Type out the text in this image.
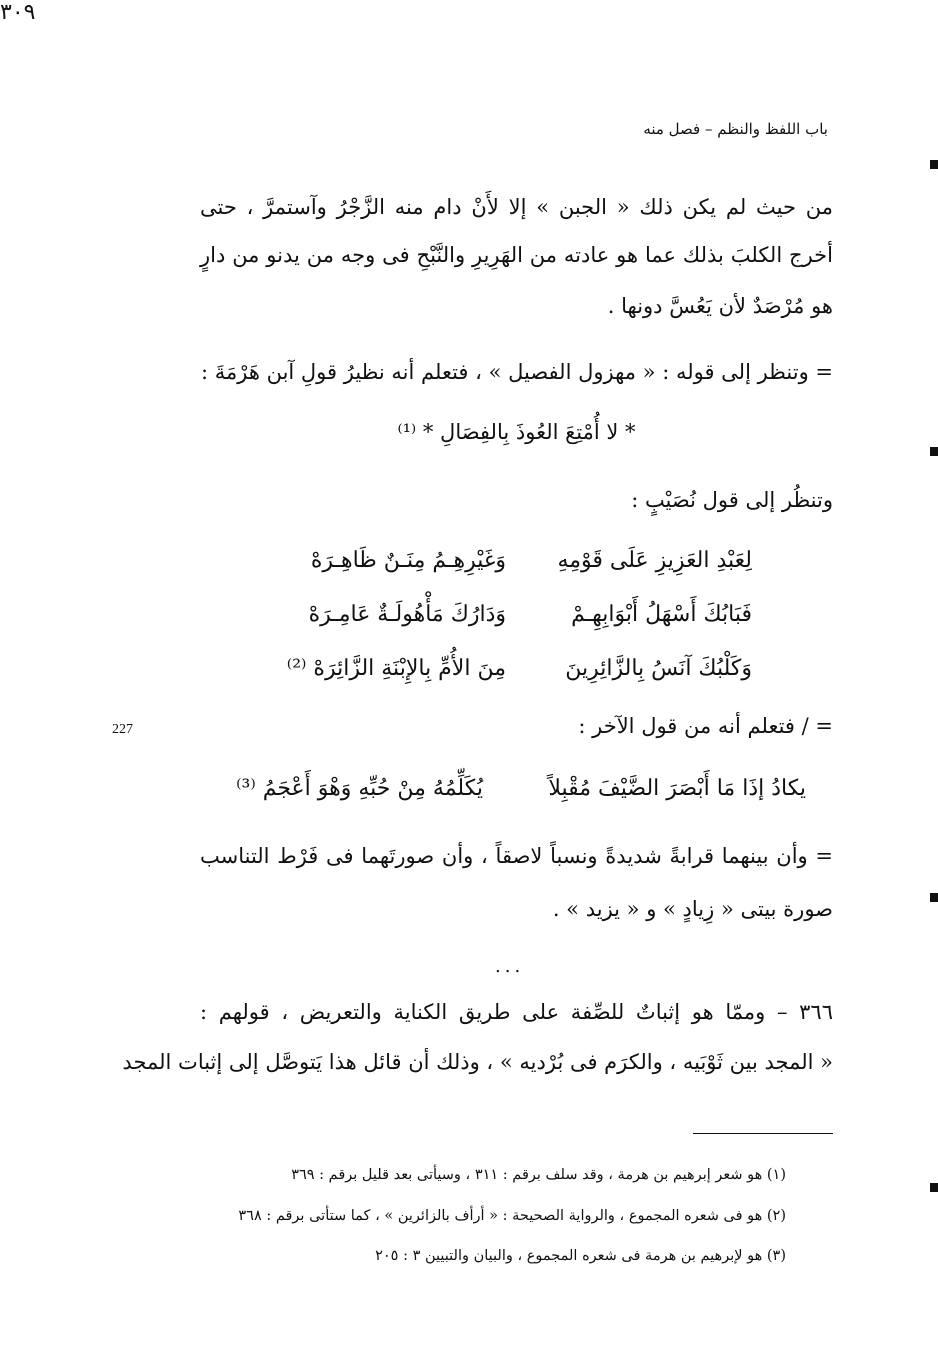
باب اللفظ والنظم – فصل منه
٣٠٩
227
من حيث لم يكن ذلك « الجبن » إلا لأَنْ دام منه الزَّجْرُ وآستمرَّ ، حتى
أخرج الكلبَ بذلك عما هو عادته من الهَرِيرِ والنَّبْحِ فى وجه من يدنو من دارٍ
هو مُرْصَدٌ لأن يَعُسَّ دونها .
= وتنظر إلى قوله : « مهزول الفصيل » ، فتعلم أنه نظيرُ قولِ آبن هَرْمَةَ :
* لا أُمْتِعَ العُوذَ بِالفِصَالِ * ⁽¹⁾
وتنظُر إلى قول نُصَيْبٍ :
لِعَبْدِ العَزِيزِ عَلَى قَوْمِهِ
وَغَيْرِهِـمُ مِنَـنٌ ظَاهِـرَهْ
فَبَابُكَ أَسْهَلُ أَبْوَابِهِـمْ
وَدَارُكَ مَأْهُولَـةٌ عَامِـرَهْ
وَكَلْبُكَ آنَسُ بِالزَّائِرِينَ
مِنَ الأُمِّ بِالإِبْنَةِ الزَّائِرَهْ ⁽²⁾
= / فتعلم أنه من قول الآخر :
يكادُ إذَا مَا أَبْصَرَ الضَّيْفَ مُقْبِلاً
يُكَلِّمُهُ مِنْ حُبِّهِ وَهْوَ أَعْجَمُ ⁽³⁾
= وأن بينهما قرابةً شديدةً ونسباً لاصقاً ، وأن صورتَهما فى فَرْط التناسب
صورة بيتى « زِيادٍ » و « يزيد » .
...
٣٦٦ – وممّا هو إثباتٌ للصِّفة على طريق الكناية والتعريض ، قولهم :
« المجد بين ثَوْبَيه ، والكرَم فى بُرْديه » ، وذلك أن قائل هذا يَتوصَّل إلى إثبات المجد
(١) هو شعر إبرهيم بن هرمة ، وقد سلف برقم : ٣١١ ، وسيأتى بعد قليل برقم : ٣٦٩
(٢) هو فى شعره المجموع ، والرواية الصحيحة : « أرأف بالزائرين » ، كما ستأتى برقم : ٣٦٨
(٣) هو لإبرهيم بن هرمة فى شعره المجموع ، والبيان والتبيين ٣ : ٢٠٥
